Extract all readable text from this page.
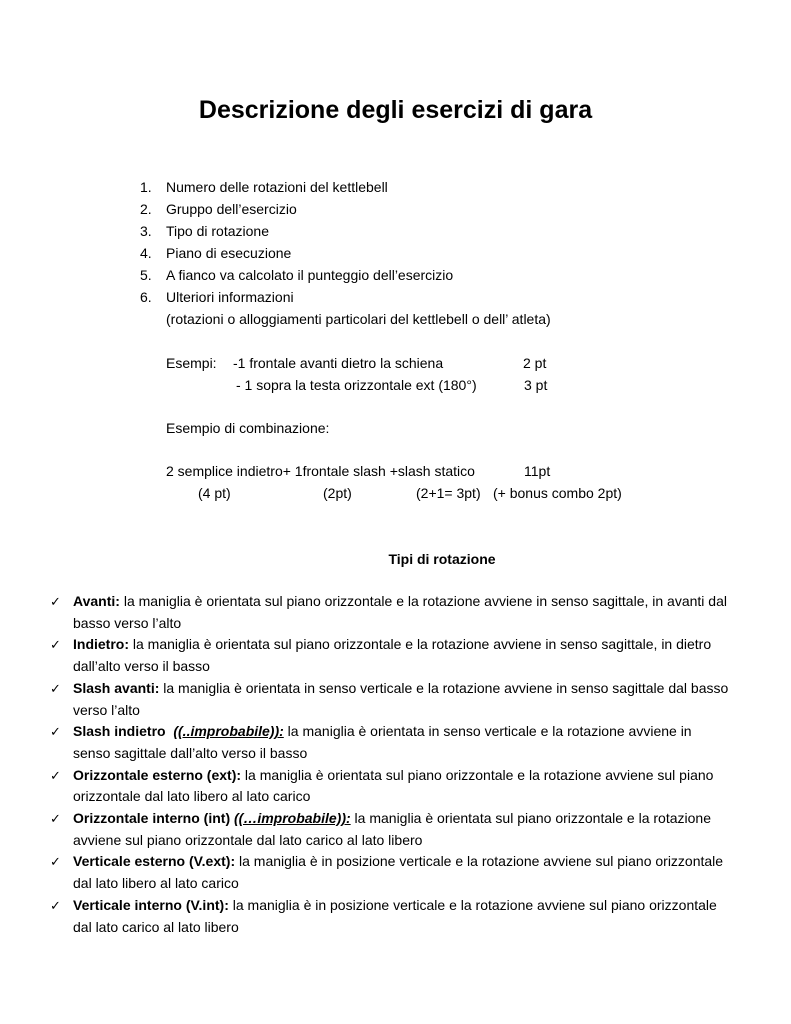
Descrizione degli esercizi di gara
1.	Numero delle rotazioni del kettlebell
2.	Gruppo dell’esercizio
3.	Tipo di rotazione
4.	Piano di esecuzione
5.	A fianco va calcolato il punteggio dell’esercizio
6.	Ulteriori informazioni
(rotazioni o alloggiamenti particolari del kettlebell o dell’ atleta)
Esempi: -1 frontale avanti dietro la schiena	2 pt
- 1 sopra la testa orizzontale ext (180°)	3 pt
Esempio di combinazione:
2 semplice indietro+ 1frontale slash +slash statico	11pt
(4 pt)	(2pt)	(2+1= 3pt) (+ bonus combo 2pt)
Tipi di rotazione
✓ Avanti: la maniglia è orientata sul piano orizzontale e la rotazione avviene in senso sagittale, in avanti dal basso verso l’alto
✓ Indietro: la maniglia è orientata sul piano orizzontale e la rotazione avviene in senso sagittale, in dietro dall’alto verso il basso
✓ Slash avanti: la maniglia è orientata in senso verticale e la rotazione avviene in senso sagittale dal basso verso l’alto
✓ Slash indietro ((..improbabile)): la maniglia è orientata in senso verticale e la rotazione avviene in senso sagittale dall’alto verso il basso
✓ Orizzontale esterno (ext): la maniglia è orientata sul piano orizzontale e la rotazione avviene sul piano orizzontale dal lato libero al lato carico
✓ Orizzontale interno (int) ((…improbabile)): la maniglia è orientata sul piano orizzontale e la rotazione avviene sul piano orizzontale dal lato carico al lato libero
✓ Verticale esterno (V.ext): la maniglia è in posizione verticale e la rotazione avviene sul piano orizzontale dal lato libero al lato carico
✓ Verticale interno (V.int): la maniglia è in posizione verticale e la rotazione avviene sul piano orizzontale dal lato carico al lato libero
